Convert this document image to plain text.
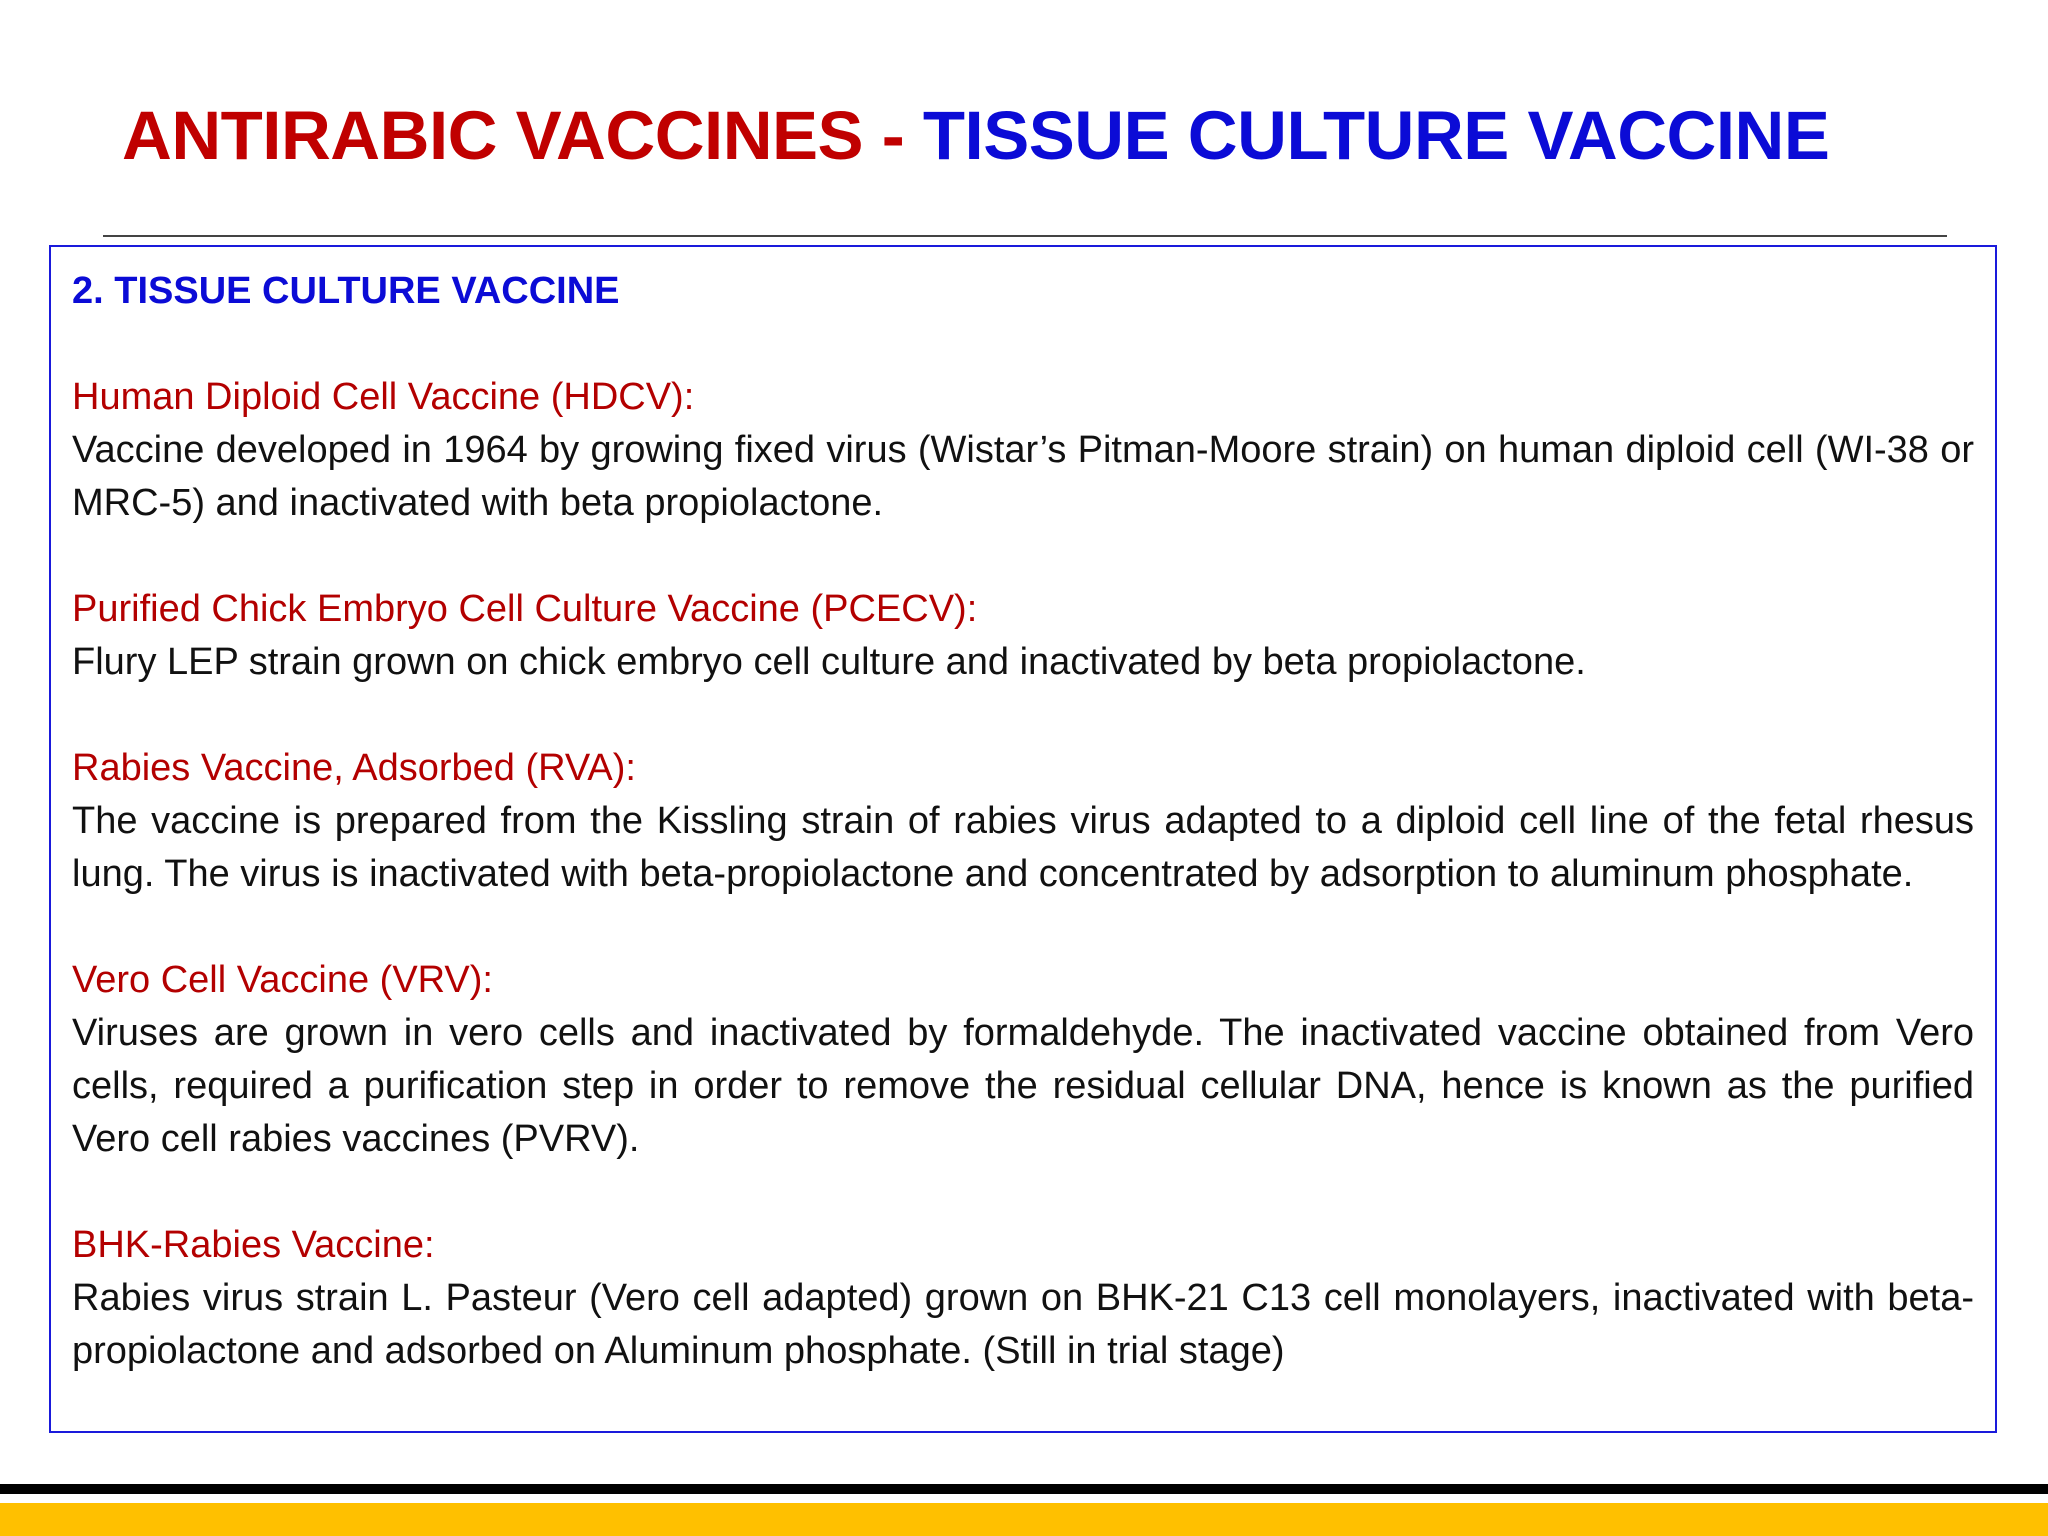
ANTIRABIC VACCINES - TISSUE CULTURE VACCINE

2. TISSUE CULTURE VACCINE

Human Diploid Cell Vaccine (HDCV):

Vaccine developed in 1964 by growing fixed virus (Wistar’s Pitman-Moore strain) on human diploid cell (WI-38 or MRC-5) and inactivated with beta propiolactone.

Purified Chick Embryo Cell Culture Vaccine (PCECV):

Flury LEP strain grown on chick embryo cell culture and inactivated by beta propiolactone.

Rabies Vaccine, Adsorbed (RVA):

The vaccine is prepared from the Kissling strain of rabies virus adapted to a diploid cell line of the fetal rhesus lung. The virus is inactivated with beta-propiolactone and concentrated by adsorption to aluminum phosphate.

Vero Cell Vaccine (VRV):

Viruses are grown in vero cells and inactivated by formaldehyde. The inactivated vaccine obtained from Vero cells, required a purification step in order to remove the residual cellular DNA, hence is known as the purified Vero cell rabies vaccines (PVRV).

BHK-Rabies Vaccine:

Rabies virus strain L. Pasteur (Vero cell adapted) grown on BHK-21 C13 cell monolayers, inactivated with beta-propiolactone and adsorbed on Aluminum phosphate. (Still in trial stage)
